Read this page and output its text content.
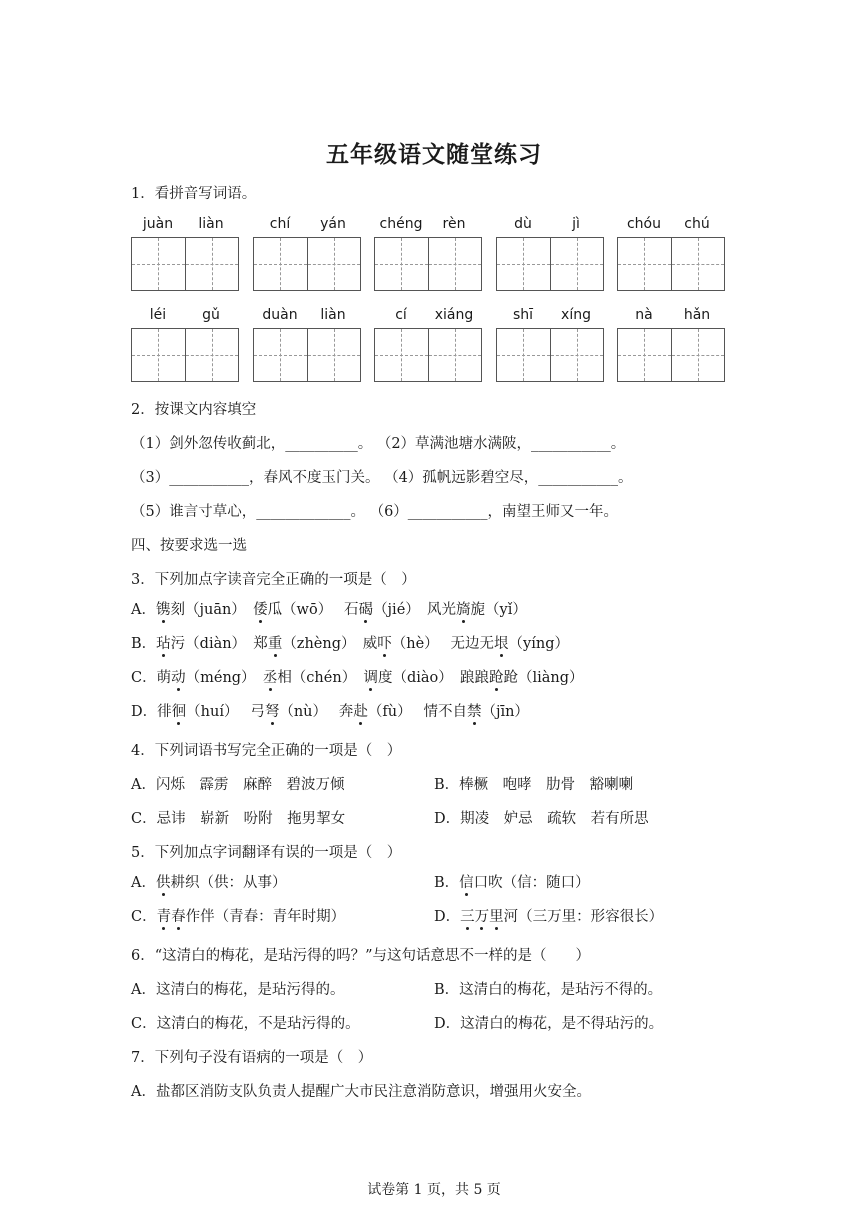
五年级语文随堂练习
1．看拼音写词语。
juàn	liàn	chí	yán	chéng	rèn	dù	jì	chóu	chú
léi	gǔ	duàn	liàn	cí	xiáng	shī	xíng	nà	hǎn
2．按课文内容填空
（1）剑外忽传收蓟北，__________。 （2）草满池塘水满陂，___________。
（3）___________，春风不度玉门关。 （4）孤帆远影碧空尽，___________。
（5）谁言寸草心，_____________。 （6）___________，南望王师又一年。
四、按要求选一选
3．下列加点字读音完全正确的一项是（　）
A．镌刻（juān）　倭瓜（wō）　 石碣（jié）　风光旖旎（yǐ）
B．玷污（diàn）　郑重（zhèng）　威吓（hè）　 无边无垠（yíng）
C．萌动（méng）　丞相（chén）　调度（diào）　踉踉跄跄（liàng）
D．徘徊（huí）　 弓弩（nù）　 奔赴（fù）　 情不自禁（jīn）
4．下列词语书写完全正确的一项是（　）
A．闪烁　霹雳　麻醉　碧波万倾	B．棒橛　咆哮　肋骨　豁喇喇
C．忌讳　崭新　吩附　拖男挈女	D．期凌　妒忌　疏软　若有所思
5．下列加点字词翻译有误的一项是（　）
A．供耕织（供：从事）	B．信口吹（信：随口）
C．青春作伴（青春：青年时期）	D．三万里河（三万里：形容很长）
6．“这清白的梅花，是玷污得的吗？”与这句话意思不一样的是（　　）
A．这清白的梅花，是玷污得的。	B．这清白的梅花，是玷污不得的。
C．这清白的梅花，不是玷污得的。	D．这清白的梅花，是不得玷污的。
7．下列句子没有语病的一项是（　）
A．盐都区消防支队负责人提醒广大市民注意消防意识，增强用火安全。
试卷第 1 页，共 5 页
